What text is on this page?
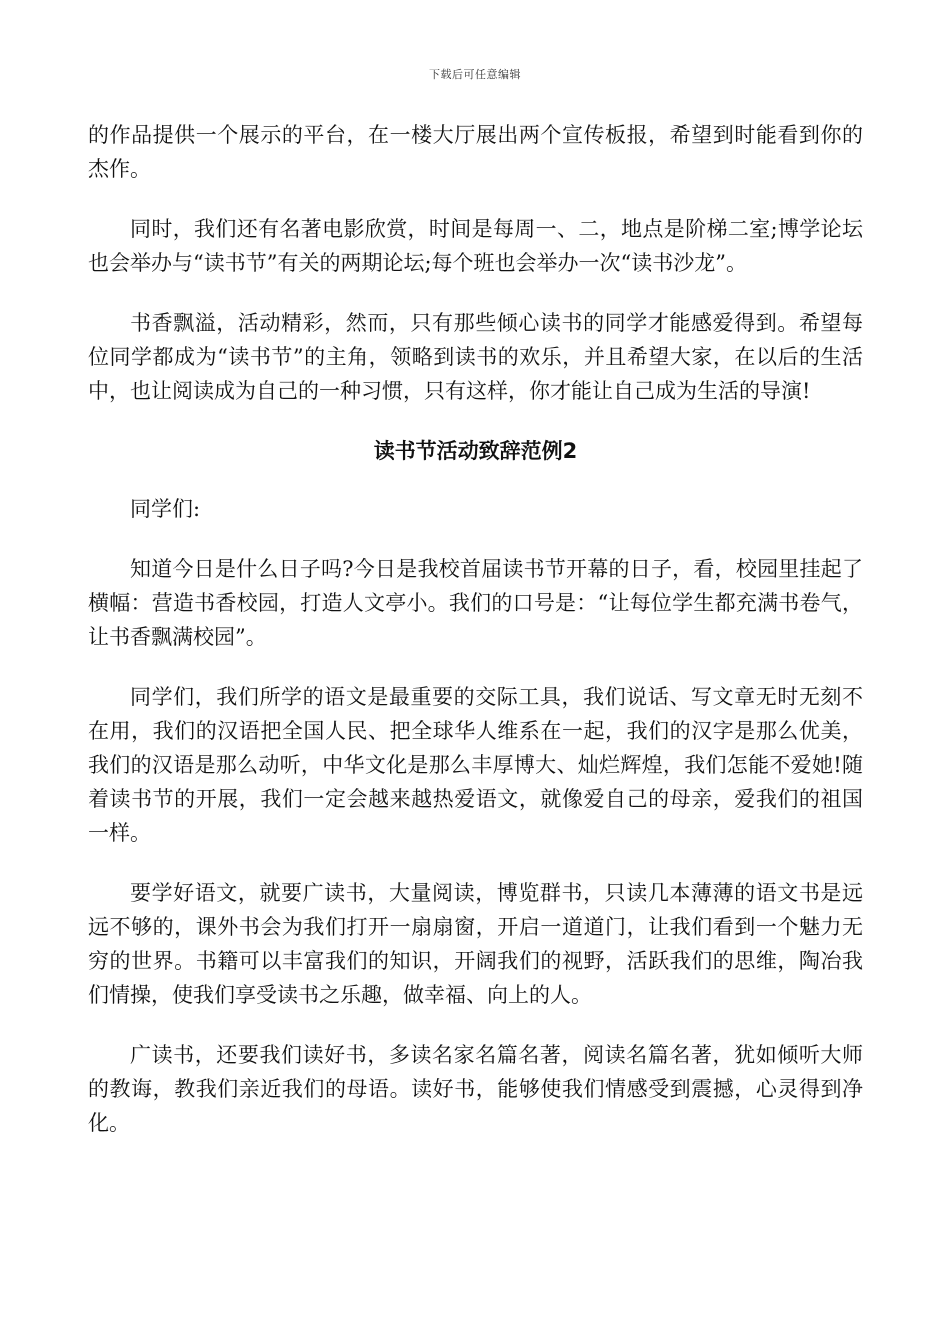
下载后可任意编辑

的作品提供一个展示的平台，在一楼大厅展出两个宣传板报，希望到时能看到你的杰作。

同时，我们还有名著电影欣赏，时间是每周一、二，地点是阶梯二室;博学论坛也会举办与“读书节”有关的两期论坛;每个班也会举办一次“读书沙龙”。

书香飘溢，活动精彩，然而，只有那些倾心读书的同学才能感爱得到。希望每位同学都成为“读书节”的主角，领略到读书的欢乐，并且希望大家，在以后的生活中，也让阅读成为自己的一种习惯，只有这样，你才能让自己成为生活的导演!

读书节活动致辞范例2

同学们:

知道今日是什么日子吗?今日是我校首届读书节开幕的日子，看，校园里挂起了横幅：营造书香校园，打造人文亭小。我们的口号是：“让每位学生都充满书卷气，让书香飘满校园”。

同学们，我们所学的语文是最重要的交际工具，我们说话、写文章无时无刻不在用，我们的汉语把全国人民、把全球华人维系在一起，我们的汉字是那么优美，我们的汉语是那么动听，中华文化是那么丰厚博大、灿烂辉煌，我们怎能不爱她!随着读书节的开展，我们一定会越来越热爱语文，就像爱自己的母亲，爱我们的祖国一样。

要学好语文，就要广读书，大量阅读，博览群书，只读几本薄薄的语文书是远远不够的，课外书会为我们打开一扇扇窗，开启一道道门，让我们看到一个魅力无穷的世界。书籍可以丰富我们的知识，开阔我们的视野，活跃我们的思维，陶冶我们情操，使我们享受读书之乐趣，做幸福、向上的人。

广读书，还要我们读好书，多读名家名篇名著，阅读名篇名著，犹如倾听大师的教诲，教我们亲近我们的母语。读好书，能够使我们情感受到震撼，心灵得到净化。
